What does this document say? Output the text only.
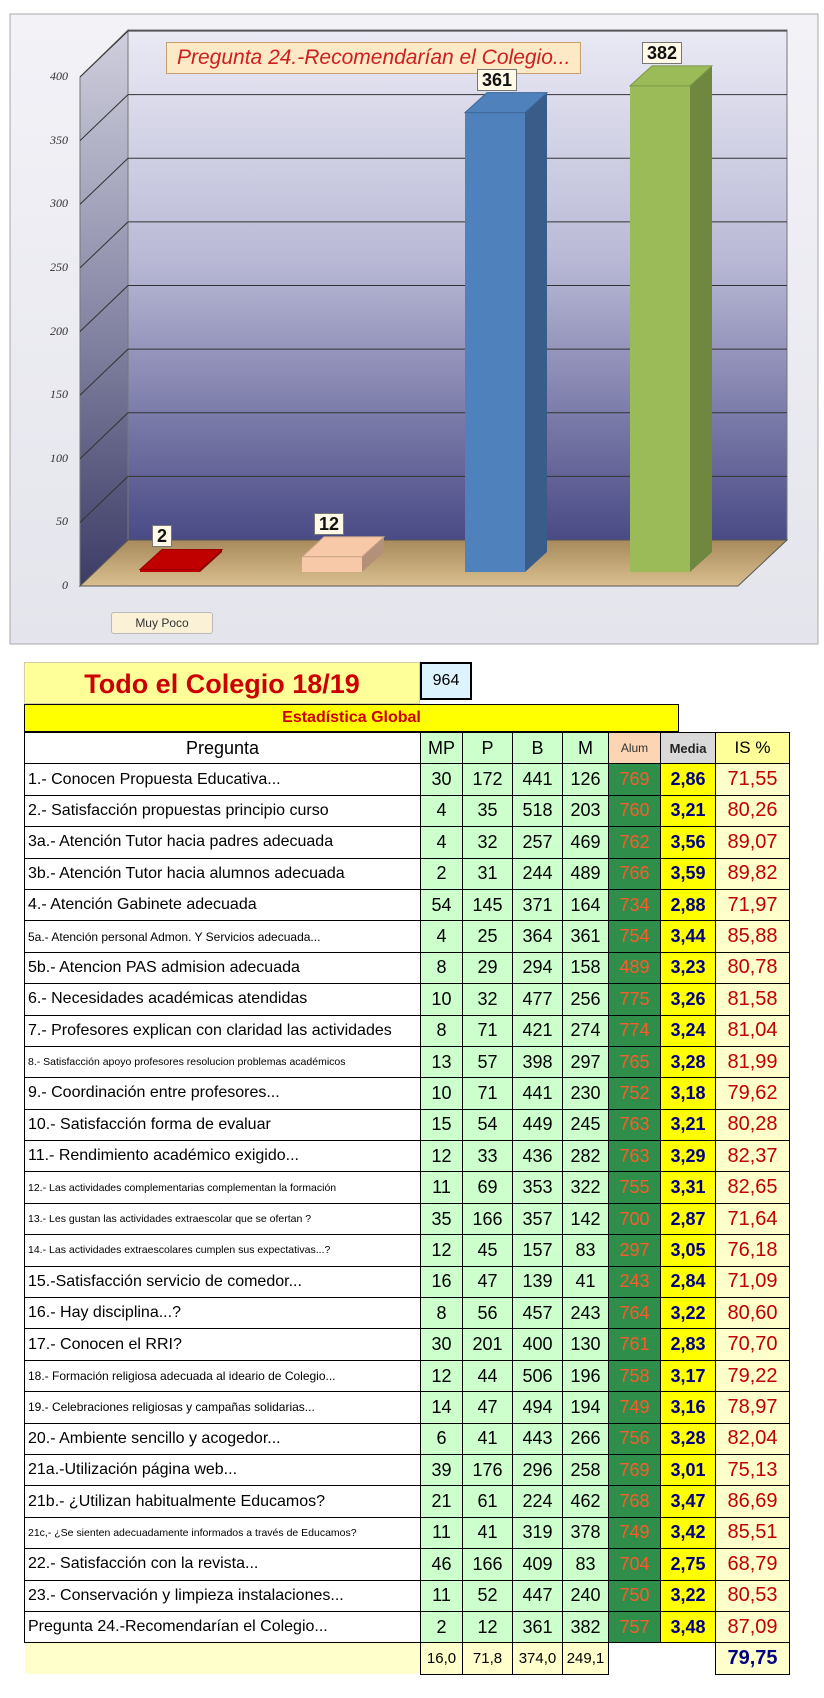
Pregunta 24.-Recomendarían el Colegio...
0
50
100
150
200
250
300
350
400
2
12
361
382
Muy Poco
Todo el Colegio 18/19	964
Estadística Global
Pregunta	MP	P	B	M	Alum	Media	IS %
1.- Conocen Propuesta Educativa...	30	172	441	126	769	2,86	71,55
2.- Satisfacción propuestas principio curso	4	35	518	203	760	3,21	80,26
3a.- Atención Tutor hacia padres adecuada	4	32	257	469	762	3,56	89,07
3b.- Atención Tutor hacia alumnos adecuada	2	31	244	489	766	3,59	89,82
4.- Atención Gabinete adecuada	54	145	371	164	734	2,88	71,97
5a.- Atención personal Admon. Y Servicios adecuada...	4	25	364	361	754	3,44	85,88
5b.- Atencion PAS admision adecuada	8	29	294	158	489	3,23	80,78
6.- Necesidades académicas atendidas	10	32	477	256	775	3,26	81,58
7.- Profesores explican con claridad las actividades	8	71	421	274	774	3,24	81,04
8.- Satisfacción apoyo profesores resolucion problemas académicos	13	57	398	297	765	3,28	81,99
9.- Coordinación entre profesores...	10	71	441	230	752	3,18	79,62
10.- Satisfacción forma de evaluar	15	54	449	245	763	3,21	80,28
11.- Rendimiento académico exigido...	12	33	436	282	763	3,29	82,37
12.- Las actividades complementarias complementan la formación	11	69	353	322	755	3,31	82,65
13.- Les gustan las actividades extraescolar que se ofertan ?	35	166	357	142	700	2,87	71,64
14.- Las actividades extraescolares cumplen sus expectativas...?	12	45	157	83	297	3,05	76,18
15.-Satisfacción servicio de comedor...	16	47	139	41	243	2,84	71,09
16.- Hay disciplina...?	8	56	457	243	764	3,22	80,60
17.- Conocen el RRI?	30	201	400	130	761	2,83	70,70
18.- Formación religiosa adecuada al ideario de Colegio...	12	44	506	196	758	3,17	79,22
19.- Celebraciones religiosas y campañas solidarias...	14	47	494	194	749	3,16	78,97
20.- Ambiente sencillo y acogedor...	6	41	443	266	756	3,28	82,04
21a.-Utilización página web...	39	176	296	258	769	3,01	75,13
21b.- ¿Utilizan habitualmente Educamos?	21	61	224	462	768	3,47	86,69
21c,- ¿Se sienten adecuadamente informados a través de Educamos?	11	41	319	378	749	3,42	85,51
22.- Satisfacción con la revista...	46	166	409	83	704	2,75	68,79
23.- Conservación y limpieza instalaciones...	11	52	447	240	750	3,22	80,53
Pregunta 24.-Recomendarían el Colegio...	2	12	361	382	757	3,48	87,09
	16,0	71,8	374,0	249,1			79,75
